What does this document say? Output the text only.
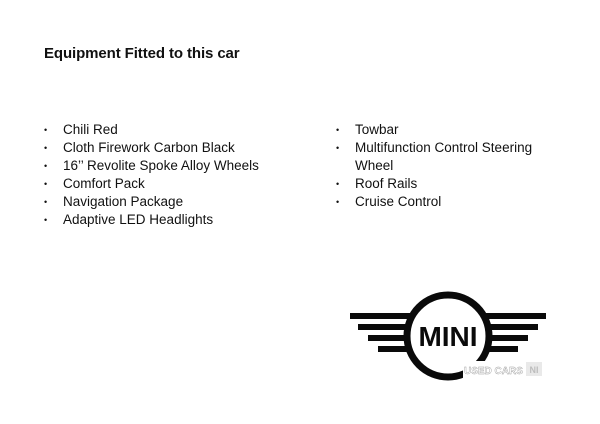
Equipment Fitted to this car
• Chili Red
• Cloth Firework Carbon Black
• 16’’ Revolite Spoke Alloy Wheels
• Comfort Pack
• Navigation Package
• Adaptive LED Headlights
• Towbar
• Multifunction Control Steering Wheel
• Roof Rails
• Cruise Control
MINI
USED CARS NI
